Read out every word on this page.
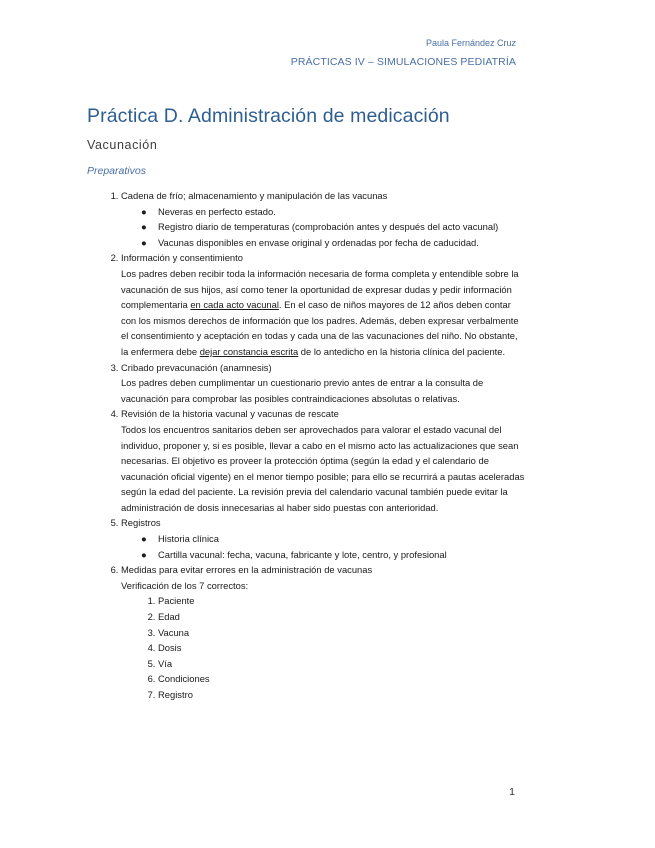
Paula Fernández Cruz
PRÁCTICAS IV – SIMULACIONES PEDIATRÍA
Práctica D. Administración de medicación
Vacunación
Preparativos
1. Cadena de frío; almacenamiento y manipulación de las vacunas
● Neveras en perfecto estado.
● Registro diario de temperaturas (comprobación antes y después del acto vacunal)
● Vacunas disponibles en envase original y ordenadas por fecha de caducidad.
2. Información y consentimiento
Los padres deben recibir toda la información necesaria de forma completa y entendible sobre la vacunación de sus hijos, así como tener la oportunidad de expresar dudas y pedir información complementaria en cada acto vacunal. En el caso de niños mayores de 12 años deben contar con los mismos derechos de información que los padres. Además, deben expresar verbalmente el consentimiento y aceptación en todas y cada una de las vacunaciones del niño. No obstante, la enfermera debe dejar constancia escrita de lo antedicho en la historia clínica del paciente.
3. Cribado prevacunación (anamnesis)
Los padres deben cumplimentar un cuestionario previo antes de entrar a la consulta de vacunación para comprobar las posibles contraindicaciones absolutas o relativas.
4. Revisión de la historia vacunal y vacunas de rescate
Todos los encuentros sanitarios deben ser aprovechados para valorar el estado vacunal del individuo, proponer y, si es posible, llevar a cabo en el mismo acto las actualizaciones que sean necesarias. El objetivo es proveer la protección óptima (según la edad y el calendario de vacunación oficial vigente) en el menor tiempo posible; para ello se recurrirá a pautas aceleradas según la edad del paciente. La revisión previa del calendario vacunal también puede evitar la administración de dosis innecesarias al haber sido puestas con anterioridad.
5. Registros
● Historia clínica
● Cartilla vacunal: fecha, vacuna, fabricante y lote, centro, y profesional
6. Medidas para evitar errores en la administración de vacunas
Verificación de los 7 correctos:
1. Paciente
2. Edad
3. Vacuna
4. Dosis
5. Vía
6. Condiciones
7. Registro
1
